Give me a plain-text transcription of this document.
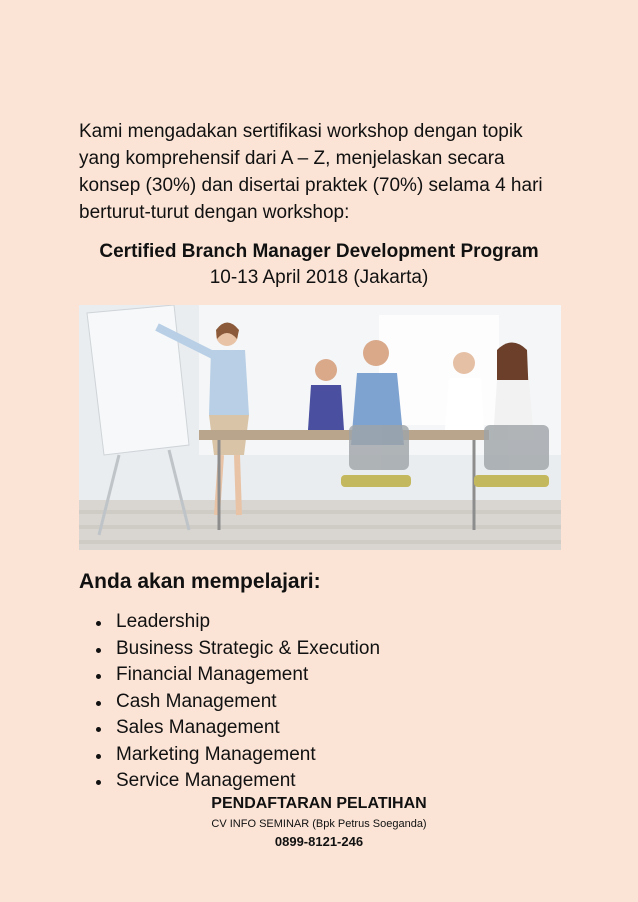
Kami mengadakan sertifikasi workshop dengan topik
yang komprehensif dari A – Z, menjelaskan secara
konsep (30%) dan disertai praktek (70%) selama 4 hari
berturut-turut dengan workshop:

Certified Branch Manager Development Program

10-13 April 2018 (Jakarta)

Anda akan mempelajari:

Leadership
Business Strategic & Execution
Financial Management
Cash Management
Sales Management
Marketing Management
Service Management

PENDAFTARAN PELATIHAN

CV INFO SEMINAR (Bpk Petrus Soeganda)

0899-8121-246
